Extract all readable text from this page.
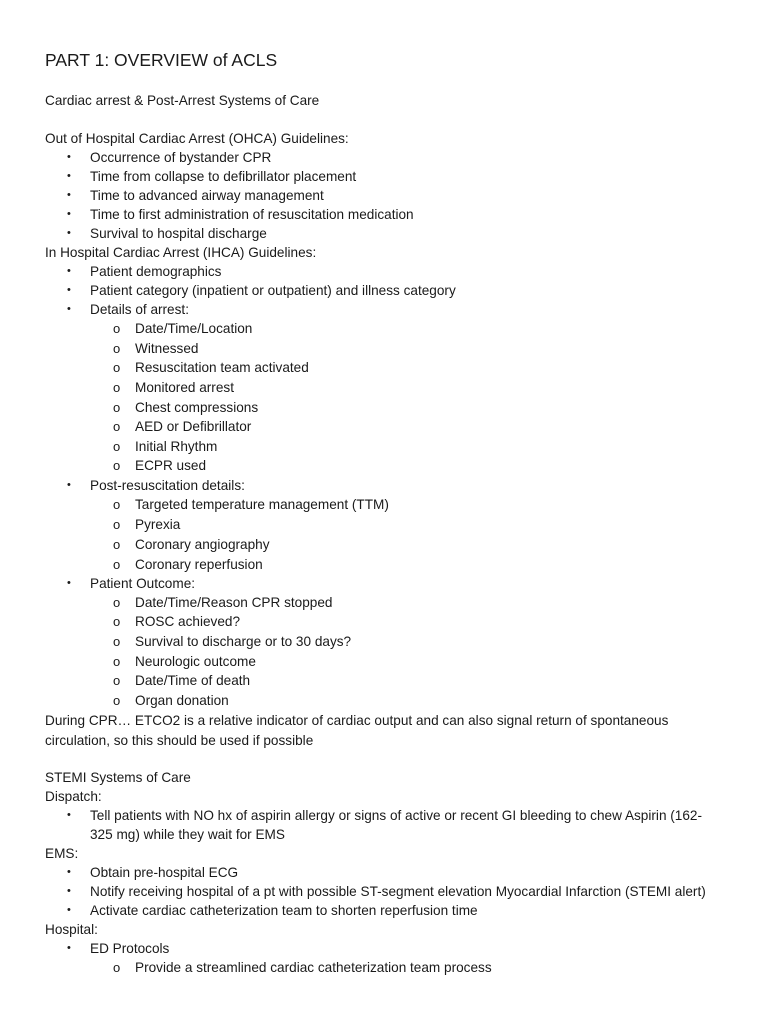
PART 1: OVERVIEW of ACLS
Cardiac arrest & Post-Arrest Systems of Care
Out of Hospital Cardiac Arrest (OHCA) Guidelines:
• Occurrence of bystander CPR
• Time from collapse to defibrillator placement
• Time to advanced airway management
• Time to first administration of resuscitation medication
• Survival to hospital discharge
In Hospital Cardiac Arrest (IHCA) Guidelines:
• Patient demographics
• Patient category (inpatient or outpatient) and illness category
• Details of arrest:
o Date/Time/Location
o Witnessed
o Resuscitation team activated
o Monitored arrest
o Chest compressions
o AED or Defibrillator
o Initial Rhythm
o ECPR used
• Post-resuscitation details:
o Targeted temperature management (TTM)
o Pyrexia
o Coronary angiography
o Coronary reperfusion
• Patient Outcome:
o Date/Time/Reason CPR stopped
o ROSC achieved?
o Survival to discharge or to 30 days?
o Neurologic outcome
o Date/Time of death
o Organ donation
During CPR… ETCO2 is a relative indicator of cardiac output and can also signal return of spontaneous
circulation, so this should be used if possible
STEMI Systems of Care
Dispatch:
• Tell patients with NO hx of aspirin allergy or signs of active or recent GI bleeding to chew Aspirin (162-
325 mg) while they wait for EMS
EMS:
• Obtain pre-hospital ECG
• Notify receiving hospital of a pt with possible ST-segment elevation Myocardial Infarction (STEMI alert)
• Activate cardiac catheterization team to shorten reperfusion time
Hospital:
• ED Protocols
o Provide a streamlined cardiac catheterization team process
